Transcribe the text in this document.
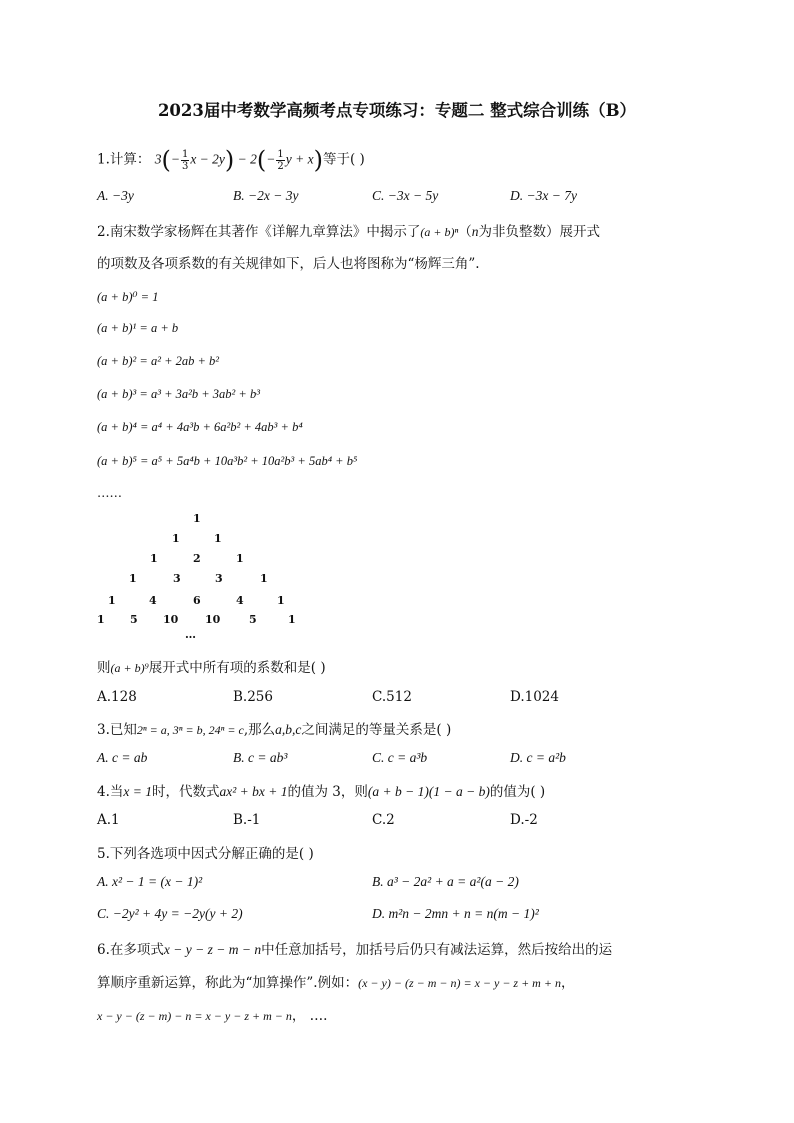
2023届中考数学高频考点专项练习：专题二 整式综合训练（B）
1.计算： $3(- \frac{1}{3}$ $x - 2y) - 2(- \frac{1}{2}$ y + x)等于( )
A. −3y	B. −2x − 3y	C. −3x − 5y	D. −3x − 7y
2.南宋数学家杨辉在其著作《详解九章算法》中揭示了(a + b)ⁿ（n为非负整数）展开式
的项数及各项系数的有关规律如下，后人也将图称为“杨辉三角”.
(a + b)⁰ = 1
(a + b)¹ = a + b
(a + b)² = a² + 2ab + b²
(a + b)³ = a³ + 3a²b + 3ab² + b³
(a + b)⁴ = a⁴ + 4a³b + 6a²b² + 4ab³ + b⁴
(a + b)⁵ = a⁵ + 5a⁴b + 10a³b² + 10a²b³ + 5ab⁴ + b⁵
……
1
1	1
1	2	1
1	3	3	1
1	4	6	4	1
1 5 10 10	5	1
…
则(a + b)⁹展开式中所有项的系数和是( )
A.128	B.256	C.512	D.1024
3.已知2ⁿ = a, 3ⁿ = b, 24ⁿ = c,那么a,b,c之间满足的等量关系是( )
A. c = ab	B. c = ab³	C. c = a³b	D. c = a²b
4.当x = 1时，代数式ax² + bx + 1的值为 3，则(a + b − 1)(1 − a − b)的值为( )
A.1	B.-1	C.2	D.-2
5.下列各选项中因式分解正确的是( )
A. x² − 1 = (x − 1)²	B. a³ − 2a² + a = a²(a − 2)
C. −2y² + 4y = −2y(y + 2)	D. m²n − 2mn + n = n(m − 1)²
6.在多项式x − y − z − m − n中任意加括号，加括号后仍只有减法运算，然后按给出的运
算顺序重新运算，称此为“加算操作”.例如：(x − y) − (z − m − n) = x − y − z + m + n，
x − y − (z − m) − n = x − y − z + m − n， ….
